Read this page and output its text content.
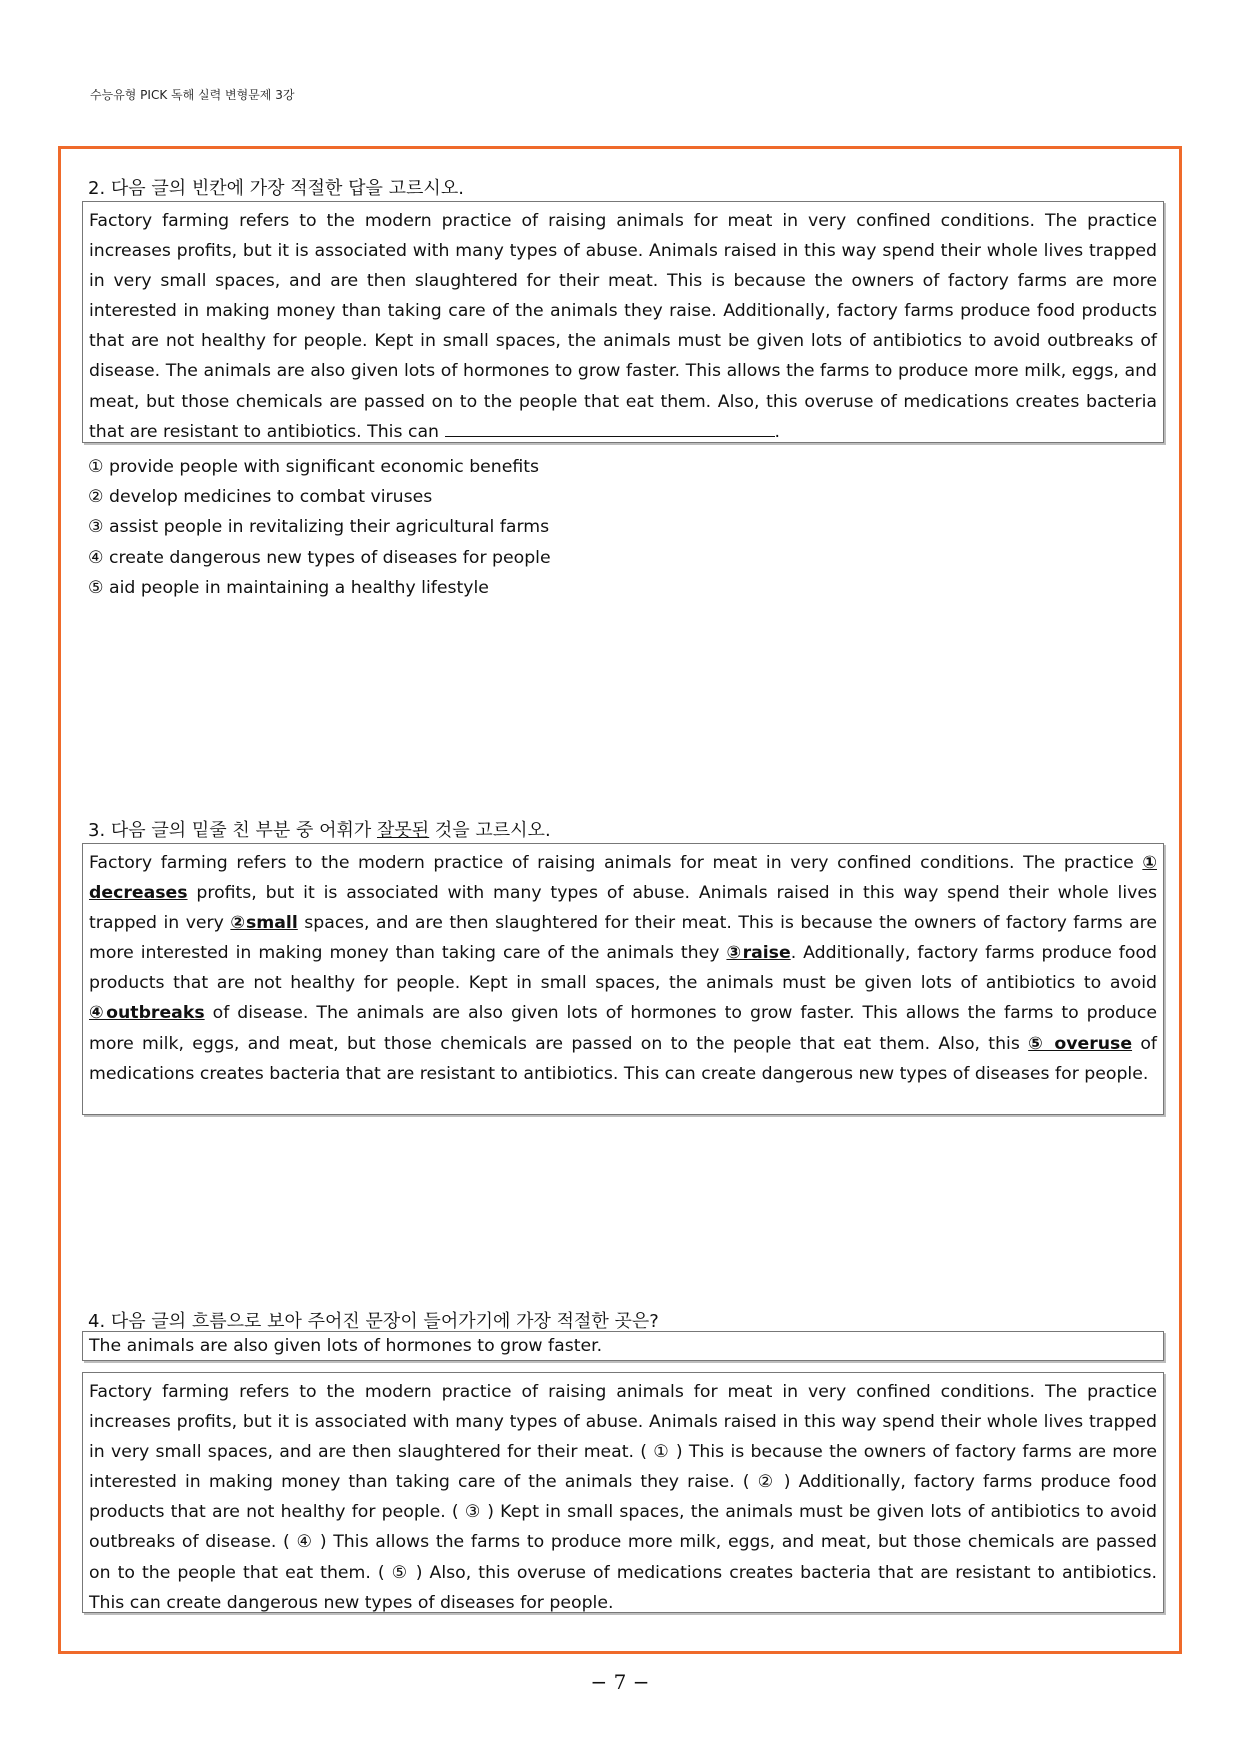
수능유형 PICK 독해 실력 변형문제 3강
2. 다음 글의 빈칸에 가장 적절한 답을 고르시오.
Factory farming refers to the modern practice of raising animals for meat in very confined conditions. The practice increases profits, but it is associated with many types of abuse. Animals raised in this way spend their whole lives trapped in very small spaces, and are then slaughtered for their meat. This is because the owners of factory farms are more interested in making money than taking care of the animals they raise. Additionally, factory farms produce food products that are not healthy for people. Kept in small spaces, the animals must be given lots of antibiotics to avoid outbreaks of disease. The animals are also given lots of hormones to grow faster. This allows the farms to produce more milk, eggs, and meat, but those chemicals are passed on to the people that eat them. Also, this overuse of medications creates bacteria that are resistant to antibiotics. This can	.
① provide people with significant economic benefits
② develop medicines to combat viruses
③ assist people in revitalizing their agricultural farms
④ create dangerous new types of diseases for people
⑤ aid people in maintaining a healthy lifestyle
3. 다음 글의 밑줄 친 부분 중 어휘가 잘못된 것을 고르시오.
Factory farming refers to the modern practice of raising animals for meat in very confined conditions. The practice ① decreases profits, but it is associated with many types of abuse. Animals raised in this way spend their whole lives trapped in very ②small spaces, and are then slaughtered for their meat. This is because the owners of factory farms are more interested in making money than taking care of the animals they ③raise. Additionally, factory farms produce food products that are not healthy for people. Kept in small spaces, the animals must be given lots of antibiotics to avoid ④outbreaks of disease. The animals are also given lots of hormones to grow faster. This allows the farms to produce more milk, eggs, and meat, but those chemicals are passed on to the people that eat them. Also, this ⑤ overuse of medications creates bacteria that are resistant to antibiotics. This can create dangerous new types of diseases for people.
4. 다음 글의 흐름으로 보아 주어진 문장이 들어가기에 가장 적절한 곳은?
The animals are also given lots of hormones to grow faster.
Factory farming refers to the modern practice of raising animals for meat in very confined conditions. The practice increases profits, but it is associated with many types of abuse. Animals raised in this way spend their whole lives trapped in very small spaces, and are then slaughtered for their meat. ( ① ) This is because the owners of factory farms are more interested in making money than taking care of the animals they raise. ( ② ) Additionally, factory farms produce food products that are not healthy for people. ( ③ ) Kept in small spaces, the animals must be given lots of antibiotics to avoid outbreaks of disease. ( ④ ) This allows the farms to produce more milk, eggs, and meat, but those chemicals are passed on to the people that eat them. ( ⑤ ) Also, this overuse of medications creates bacteria that are resistant to antibiotics. This can create dangerous new types of diseases for people.
− 7 −
